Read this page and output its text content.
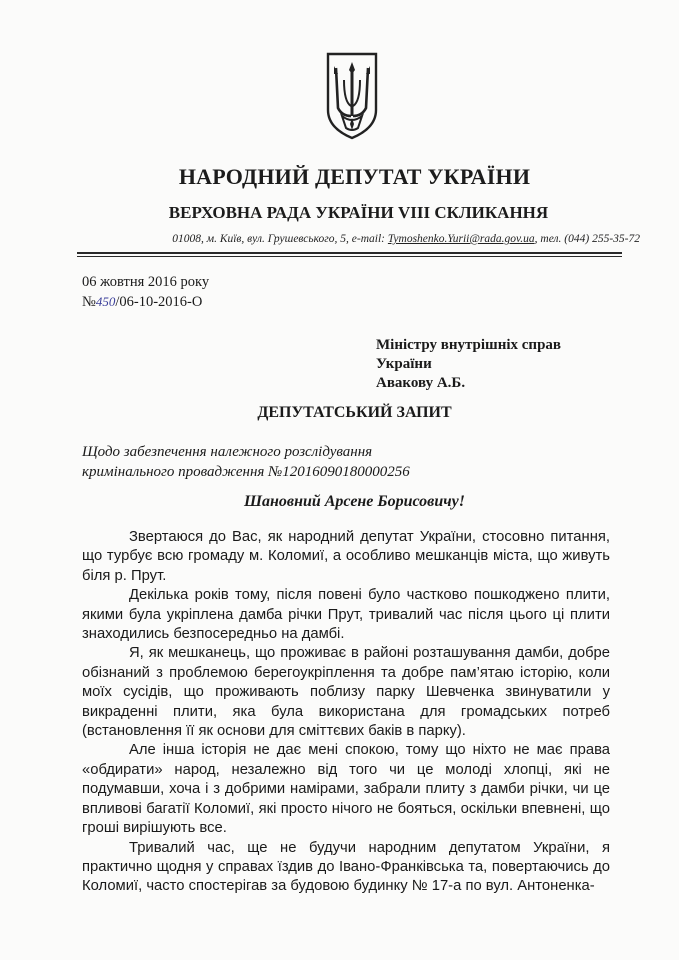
НАРОДНИЙ ДЕПУТАТ УКРАЇНИ
ВЕРХОВНА РАДА УКРАЇНИ VIII СКЛИКАННЯ
01008, м. Київ, вул. Грушевського, 5, e-mail: Tymoshenko.Yurii@rada.gov.ua, тел. (044) 255-35-72
06 жовтня 2016 року
№450/06-10-2016-О
Міністру внутрішніх справ
України
Авакову А.Б.
ДЕПУТАТСЬКИЙ ЗАПИТ
Щодо забезпечення належного розслідування
кримінального провадження №12016090180000256
Шановний Арсене Борисовичу!

Звертаюся до Вас, як народний депутат України, стосовно питання, що турбує всю громаду м. Коломиї, а особливо мешканців міста, що живуть біля р. Прут.

Декілька років тому, після повені було частково пошкоджено плити, якими була укріплена дамба річки Прут, тривалий час після цього ці плити знаходились безпосередньо на дамбі.

Я, як мешканець, що проживає в районі розташування дамби, добре обізнаний з проблемою берегоукріплення та добре пам’ятаю історію, коли моїх сусідів, що проживають поблизу парку Шевченка звинуватили у викраденні плити, яка була використана для громадських потреб (встановлення її як основи для сміттєвих баків в парку).

Але інша історія не дає мені спокою, тому що ніхто не має права «обдирати» народ, незалежно від того чи це молоді хлопці, які не подумавши, хоча і з добрими намірами, забрали плиту з дамби річки, чи це впливові багатії Коломиї, які просто нічого не бояться, оскільки впевнені, що гроші вирішують все.

Тривалий час, ще не будучи народним депутатом України, я практично щодня у справах їздив до Івано-Франківська та, повертаючись до Коломиї, часто спостерігав за будовою будинку № 17-а по вул. Антоненка-
